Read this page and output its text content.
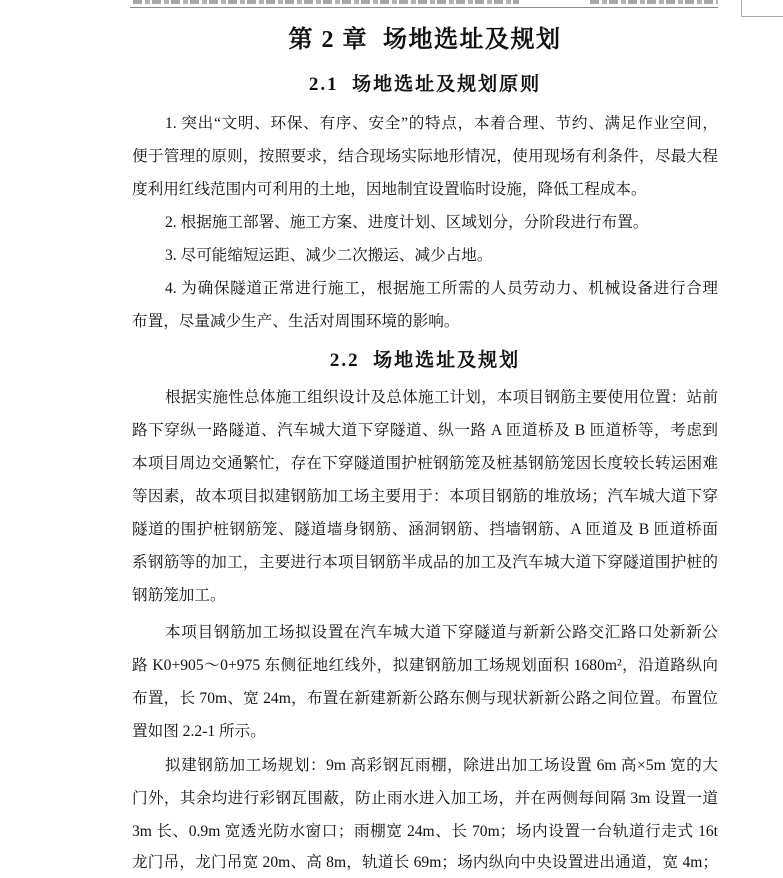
第 2 章  场地选址及规划
2.1  场地选址及规划原则
1. 突出“文明、环保、有序、安全”的特点，本着合理、节约、满足作业空间，
便于管理的原则，按照要求，结合现场实际地形情况，使用现场有利条件，尽最大程
度利用红线范围内可利用的土地，因地制宜设置临时设施，降低工程成本。
2. 根据施工部署、施工方案、进度计划、区域划分，分阶段进行布置。
3. 尽可能缩短运距、减少二次搬运、减少占地。
4. 为确保隧道正常进行施工，根据施工所需的人员劳动力、机械设备进行合理
布置，尽量减少生产、生活对周围环境的影响。
2.2  场地选址及规划
根据实施性总体施工组织设计及总体施工计划，本项目钢筋主要使用位置：站前
路下穿纵一路隧道、汽车城大道下穿隧道、纵一路 A 匝道桥及 B 匝道桥等，考虑到
本项目周边交通繁忙，存在下穿隧道围护桩钢筋笼及桩基钢筋笼因长度较长转运困难
等因素，故本项目拟建钢筋加工场主要用于：本项目钢筋的堆放场；汽车城大道下穿
隧道的围护桩钢筋笼、隧道墙身钢筋、涵洞钢筋、挡墙钢筋、A 匝道及 B 匝道桥面
系钢筋等的加工，主要进行本项目钢筋半成品的加工及汽车城大道下穿隧道围护桩的
钢筋笼加工。
本项目钢筋加工场拟设置在汽车城大道下穿隧道与新新公路交汇路口处新新公
路 K0+905～0+975 东侧征地红线外，拟建钢筋加工场规划面积 1680m²，沿道路纵向
布置，长 70m、宽 24m，布置在新建新新公路东侧与现状新新公路之间位置。布置位
置如图 2.2-1 所示。
拟建钢筋加工场规划：9m 高彩钢瓦雨棚，除进出加工场设置 6m 高×5m 宽的大
门外，其余均进行彩钢瓦围蔽，防止雨水进入加工场，并在两侧每间隔 3m 设置一道
3m 长、0.9m 宽透光防水窗口；雨棚宽 24m、长 70m；场内设置一台轨道行走式 16t
龙门吊，龙门吊宽 20m、高 8m，轨道长 69m；场内纵向中央设置进出通道，宽 4m；
